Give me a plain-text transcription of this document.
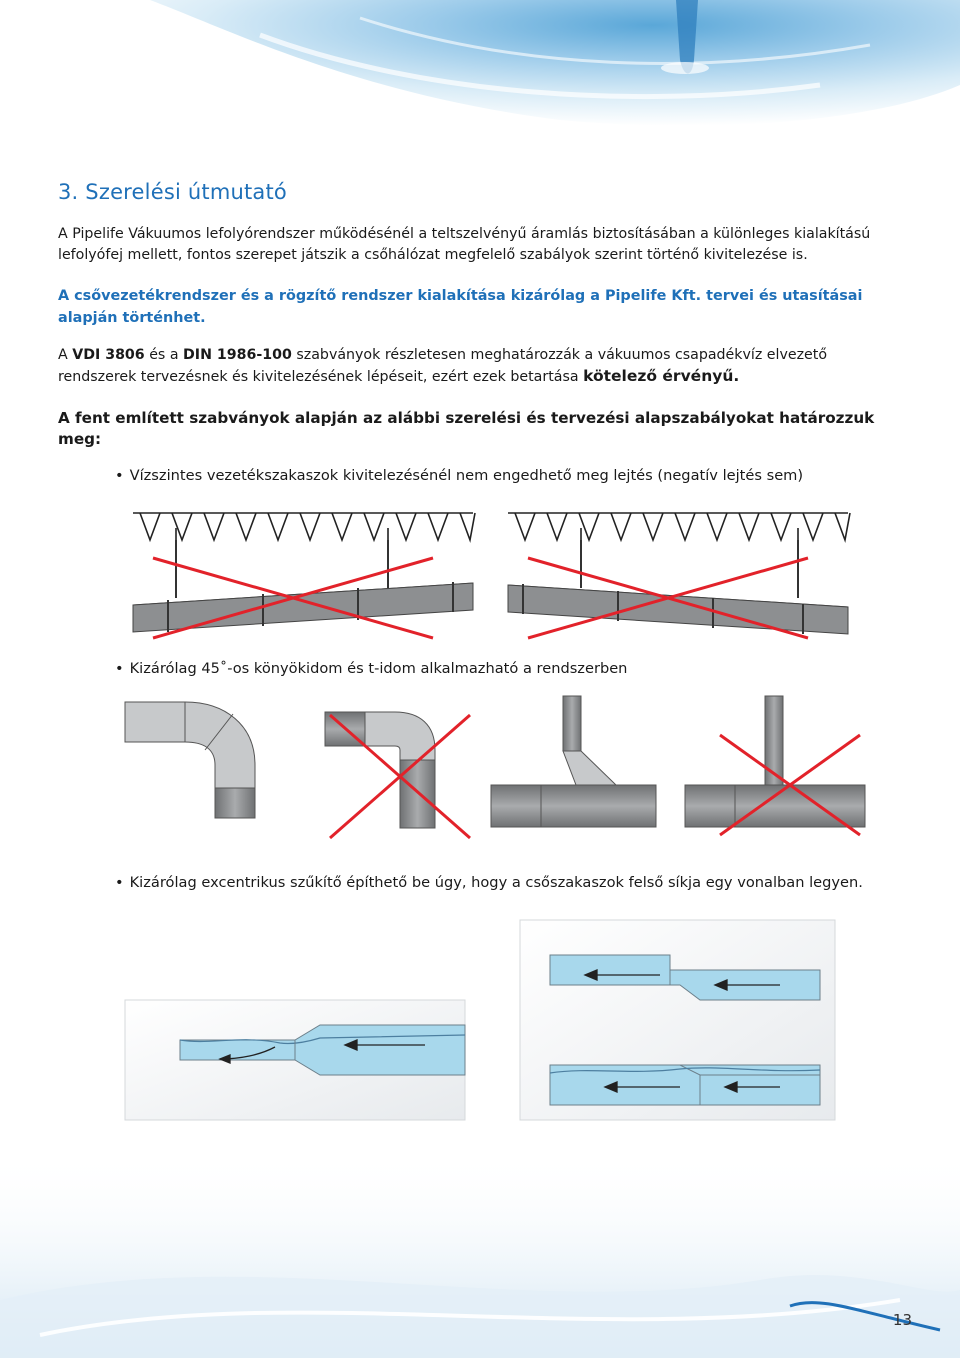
3. Szerelési útmutató
A Pipelife Vákuumos lefolyórendszer működésénél a teltszelvényű áramlás biztosításában a különleges kialakítású lefolyófej mellett, fontos szerepet játszik a csőhálózat megfelelő szabályok szerint történő kivitelezése is.
A csővezetékrendszer és a rögzítő rendszer kialakítása kizárólag a Pipelife Kft. tervei és utasításai alapján történhet.
A VDI 3806 és a DIN 1986-100 szabványok részletesen meghatározzák a vákuumos csapadékvíz elvezető rendszerek tervezésnek és kivitelezésének lépéseit, ezért ezek betartása kötelező érvényű.
A fent említett szabványok alapján az alábbi szerelési és tervezési alapszabályokat határozzuk meg:
• Vízszintes vezetékszakaszok kivitelezésénél nem engedhető meg lejtés (negatív lejtés sem)
• Kizárólag 45˚-os könyökidom és t-idom alkalmazható a rendszerben
• Kizárólag excentrikus szűkítő építhető be úgy, hogy a csőszakaszok felső síkja egy vonalban legyen.
13
